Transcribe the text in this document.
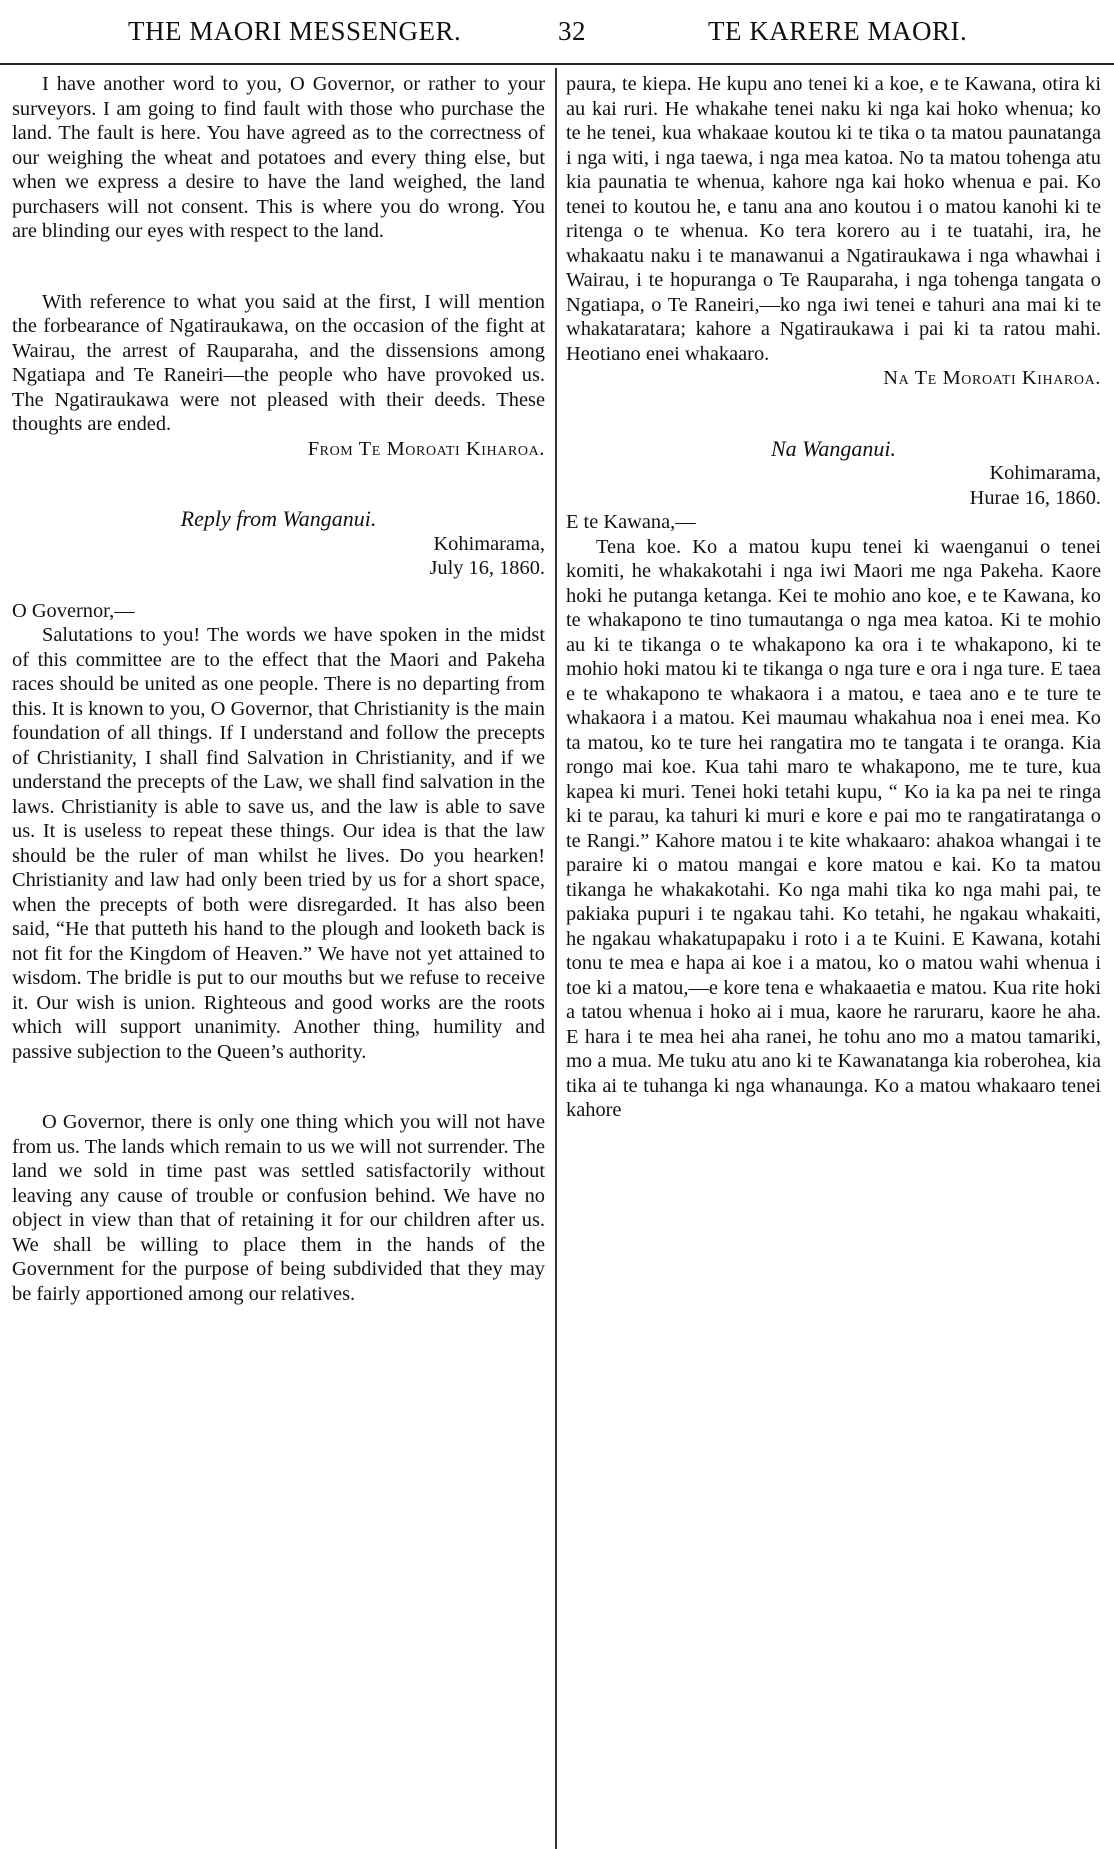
THE MAORI MESSENGER.	32	TE KARERE MAORI.

I have another word to you, O Governor, or rather to your surveyors. I am going to find fault with those who purchase the land. The fault is here. You have agreed as to the correctness of our weighing the wheat and potatoes and every thing else, but when we express a desire to have the land weighed, the land purchasers will not consent. This is where you do wrong. You are blinding our eyes with respect to the land.

With reference to what you said at the first, I will mention the forbearance of Ngatiraukawa, on the occasion of the fight at Wairau, the arrest of Rauparaha, and the dissensions among Ngatiapa and Te Raneiri—the people who have provoked us. The Ngatiraukawa were not pleased with their deeds. These thoughts are ended.

From Te Moroati Kiharoa.

Reply from Wanganui.

Kohimarama,

July 16, 1860.

O Governor,—

Salutations to you! The words we have spoken in the midst of this committee are to the effect that the Maori and Pakeha races should be united as one people. There is no departing from this. It is known to you, O Governor, that Christianity is the main foundation of all things. If I understand and follow the precepts of Christianity, I shall find Salvation in Christianity, and if we understand the precepts of the Law, we shall find salvation in the laws. Christianity is able to save us, and the law is able to save us. It is useless to repeat these things. Our idea is that the law should be the ruler of man whilst he lives. Do you hearken! Christianity and law had only been tried by us for a short space, when the precepts of both were disregarded. It has also been said, “He that putteth his hand to the plough and looketh back is not fit for the Kingdom of Heaven.” We have not yet attained to wisdom. The bridle is put to our mouths but we refuse to receive it. Our wish is union. Righteous and good works are the roots which will support unanimity. Another thing, humility and passive subjection to the Queen’s authority.

O Governor, there is only one thing which you will not have from us. The lands which remain to us we will not surrender. The land we sold in time past was settled satisfactorily without leaving any cause of trouble or confusion behind. We have no object in view than that of retaining it for our children after us. We shall be willing to place them in the hands of the Government for the purpose of being subdivided that they may be fairly apportioned among our relatives.

paura, te kiepa. He kupu ano tenei ki a koe, e te Kawana, otira ki au kai ruri. He whakahe tenei naku ki nga kai hoko whenua; ko te he tenei, kua whakaae koutou ki te tika o ta matou paunatanga i nga witi, i nga taewa, i nga mea katoa. No ta matou tohenga atu kia paunatia te whenua, kahore nga kai hoko whenua e pai. Ko tenei to koutou he, e tanu ana ano koutou i o matou kanohi ki te ritenga o te whenua. Ko tera korero au i te tuatahi, ira, he whakaatu naku i te manawanui a Ngatiraukawa i nga whawhai i Wairau, i te hopuranga o Te Rauparaha, i nga tohenga tangata o Ngatiapa, o Te Raneiri,—ko nga iwi tenei e tahuri ana mai ki te whakataratara; kahore a Ngatiraukawa i pai ki ta ratou mahi. Heotiano enei whakaaro.

Na Te Moroati Kiharoa.

Na Wanganui.

Kohimarama,

Hurae 16, 1860.

E te Kawana,—

Tena koe. Ko a matou kupu tenei ki waenganui o tenei komiti, he whakakotahi i nga iwi Maori me nga Pakeha. Kaore hoki he putanga ketanga. Kei te mohio ano koe, e te Kawana, ko te whakapono te tino tumautanga o nga mea katoa. Ki te mohio au ki te tikanga o te whakapono ka ora i te whakapono, ki te mohio hoki matou ki te tikanga o nga ture e ora i nga ture. E taea e te whakapono te whakaora i a matou, e taea ano e te ture te whakaora i a matou. Kei maumau whakahua noa i enei mea. Ko ta matou, ko te ture hei rangatira mo te tangata i te oranga. Kia rongo mai koe. Kua tahi maro te whakapono, me te ture, kua kapea ki muri. Tenei hoki tetahi kupu, “ Ko ia ka pa nei te ringa ki te parau, ka tahuri ki muri e kore e pai mo te rangatiratanga o te Rangi.” Kahore matou i te kite whakaaro: ahakoa whangai i te paraire ki o matou mangai e kore matou e kai. Ko ta matou tikanga he whakakotahi. Ko nga mahi tika ko nga mahi pai, te pakiaka pupuri i te ngakau tahi. Ko tetahi, he ngakau whakaiti, he ngakau whakatupapaku i roto i a te Kuini. E Kawana, kotahi tonu te mea e hapa ai koe i a matou, ko o matou wahi whenua i toe ki a matou,—e kore tena e whakaaetia e matou. Kua rite hoki a tatou whenua i hoko ai i mua, kaore he raruraru, kaore he aha. E hara i te mea hei aha ranei, he tohu ano mo a matou tamariki, mo a mua. Me tuku atu ano ki te Kawanatanga kia roberohea, kia tika ai te tuhanga ki nga whanaunga. Ko a matou whakaaro tenei kahore
